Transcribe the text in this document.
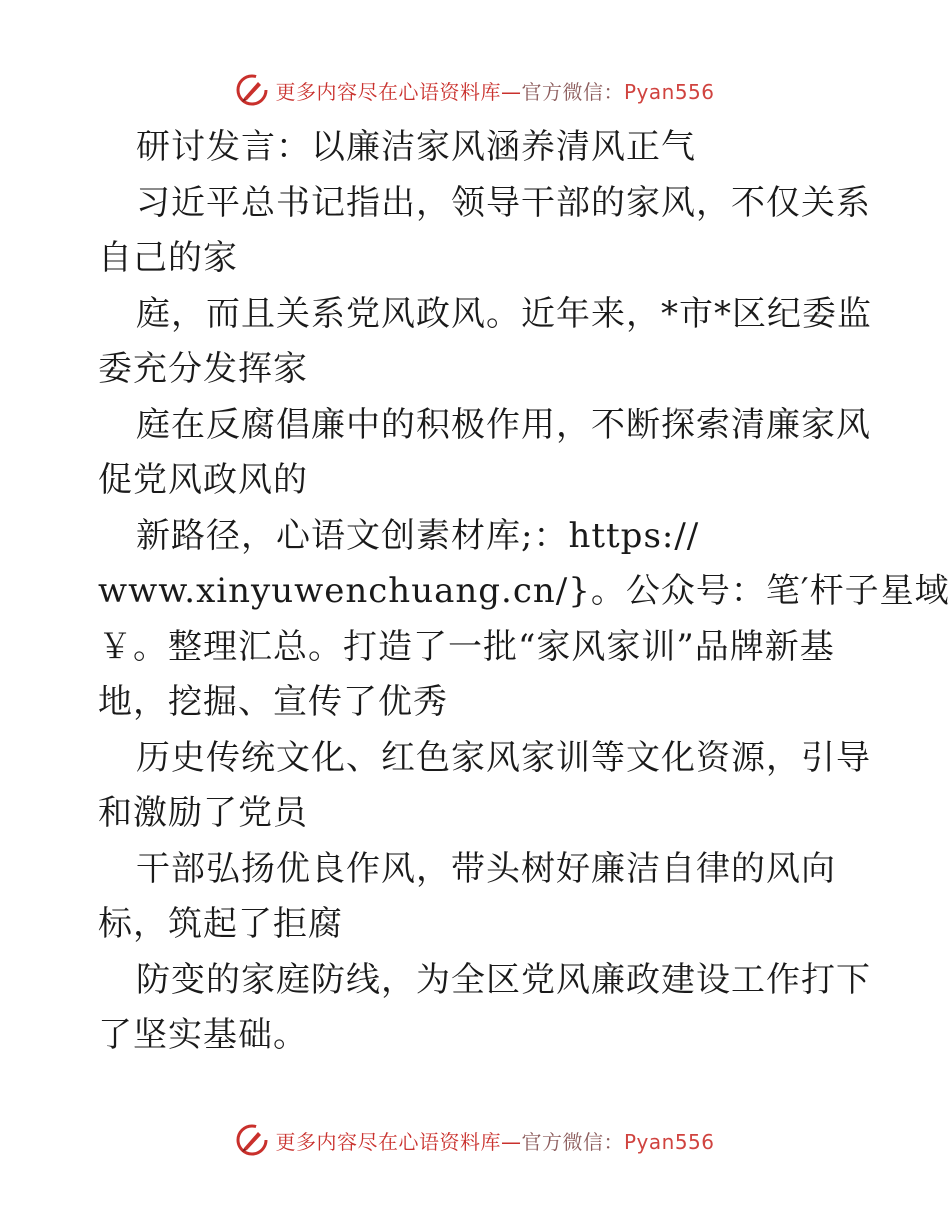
更多内容尽在心语资料库—官方微信：Pyan556
研讨发言：以廉洁家风涵养清风正气
习近平总书记指出，领导干部的家风，不仅关系
自己的家
庭，而且关系党风政风。近年来，*市*区纪委监
委充分发挥家
庭在反腐倡廉中的积极作用，不断探索清廉家风
促党风政风的
新路径，心语文创素材库;：https://
www.xinyuwenchuang.cn/}。公众号：笔′杆子星域
￥。整理汇总。打造了一批“家风家训”品牌新基
地，挖掘、宣传了优秀
历史传统文化、红色家风家训等文化资源，引导
和激励了党员
干部弘扬优良作风，带头树好廉洁自律的风向
标，筑起了拒腐
防变的家庭防线，为全区党风廉政建设工作打下
了坚实基础。
更多内容尽在心语资料库—官方微信：Pyan556
